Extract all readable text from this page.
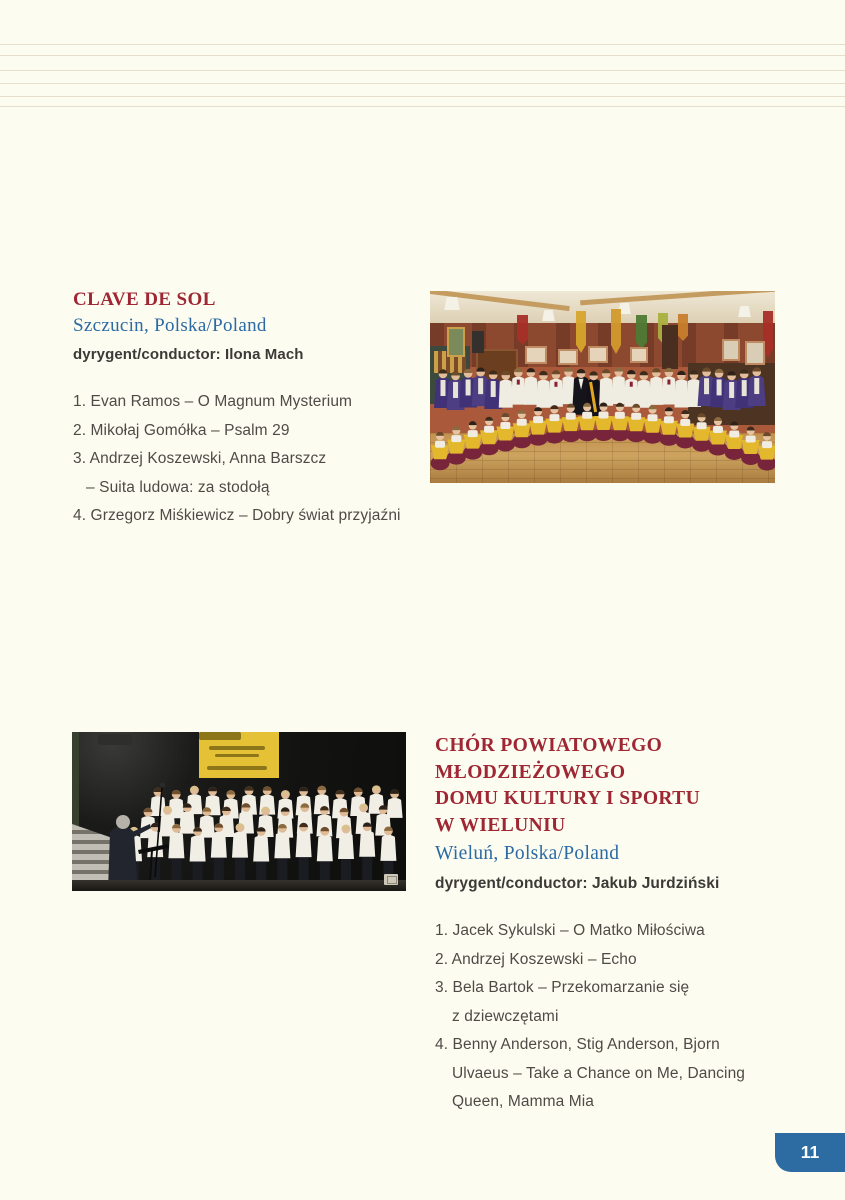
CLAVE DE SOL
Szczucin, Polska/Poland
dyrygent/conductor: Ilona Mach
1. Evan Ramos – O Magnum Mysterium
2. Mikołaj Gomółka – Psalm 29
3. Andrzej Koszewski, Anna Barszcz
– Suita ludowa: za stodołą
4. Grzegorz Miśkiewicz – Dobry świat przyjaźni
CHÓR POWIATOWEGO
MŁODZIEŻOWEGO
DOMU KULTURY I SPORTU
W WIELUNIU
Wieluń, Polska/Poland
dyrygent/conductor: Jakub Jurdziński
1. Jacek Sykulski – O Matko Miłościwa
2. Andrzej Koszewski – Echo
3. Bela Bartok – Przekomarzanie się
z dziewczętami
4. Benny Anderson, Stig Anderson, Bjorn
Ulvaeus – Take a Chance on Me, Dancing
Queen, Mamma Mia
11
